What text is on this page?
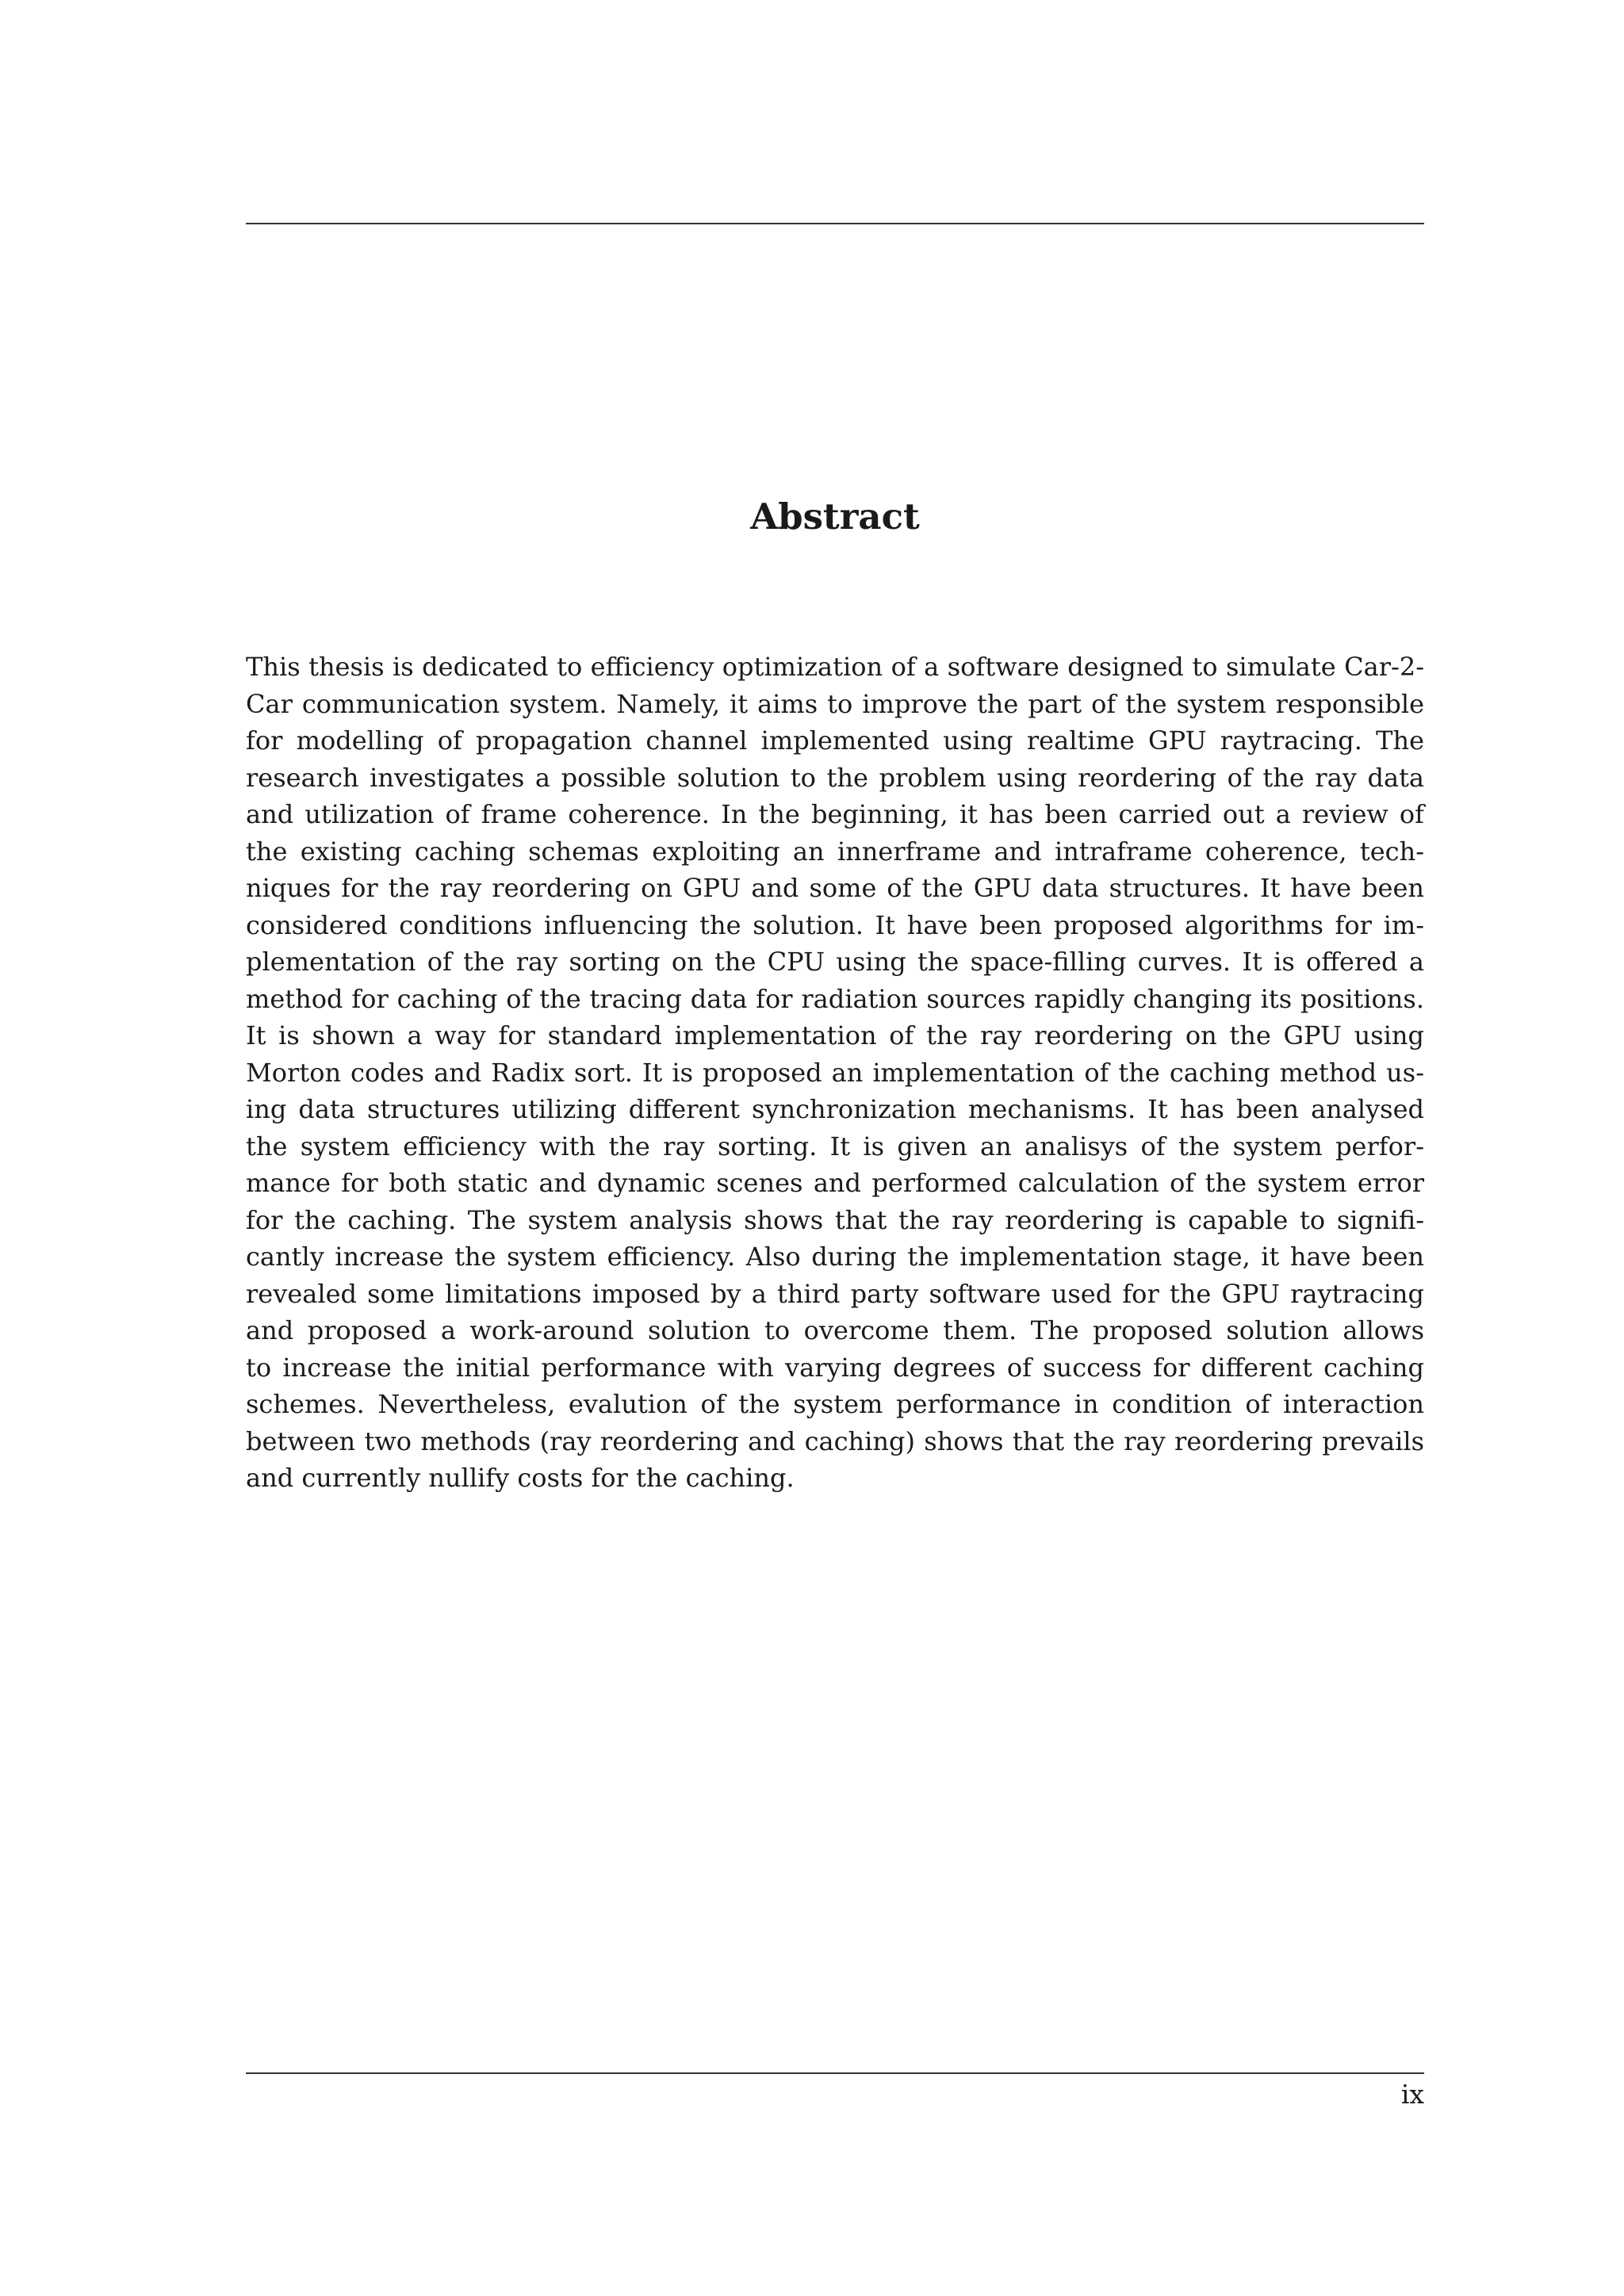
Abstract
This thesis is dedicated to efficiency optimization of a software designed to simulate Car-2-
Car communication system. Namely, it aims to improve the part of the system responsible
for modelling of propagation channel implemented using realtime GPU raytracing. The
research investigates a possible solution to the problem using reordering of the ray data
and utilization of frame coherence. In the beginning, it has been carried out a review of
the existing caching schemas exploiting an innerframe and intraframe coherence, tech-
niques for the ray reordering on GPU and some of the GPU data structures. It have been
considered conditions influencing the solution. It have been proposed algorithms for im-
plementation of the ray sorting on the CPU using the space-filling curves. It is offered a
method for caching of the tracing data for radiation sources rapidly changing its positions.
It is shown a way for standard implementation of the ray reordering on the GPU using
Morton codes and Radix sort. It is proposed an implementation of the caching method us-
ing data structures utilizing different synchronization mechanisms. It has been analysed
the system efficiency with the ray sorting. It is given an analisys of the system perfor-
mance for both static and dynamic scenes and performed calculation of the system error
for the caching. The system analysis shows that the ray reordering is capable to signifi-
cantly increase the system efficiency. Also during the implementation stage, it have been
revealed some limitations imposed by a third party software used for the GPU raytracing
and proposed a work-around solution to overcome them. The proposed solution allows
to increase the initial performance with varying degrees of success for different caching
schemes. Nevertheless, evalution of the system performance in condition of interaction
between two methods (ray reordering and caching) shows that the ray reordering prevails
and currently nullify costs for the caching.
ix
